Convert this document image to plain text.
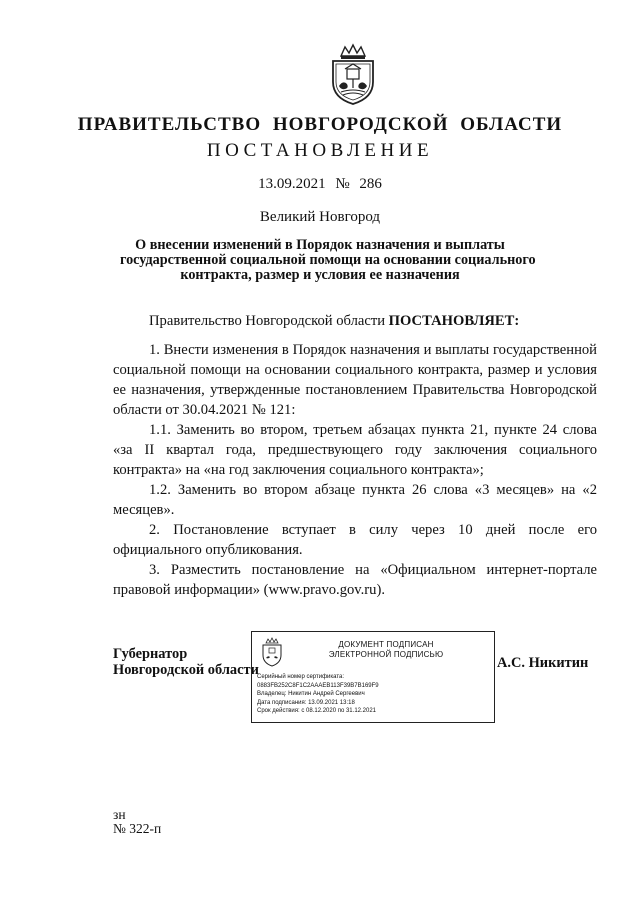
ПРАВИТЕЛЬСТВО НОВГОРОДСКОЙ ОБЛАСТИ
ПОСТАНОВЛЕНИЕ
13.09.2021 № 286
Великий Новгород
О внесении изменений в Порядок назначения и выплаты
государственной социальной помощи на основании социального
контракта, размер и условия ее назначения
Правительство Новгородской области ПОСТАНОВЛЯЕТ:
1. Внести изменения в Порядок назначения и выплаты государственной социальной помощи на основании социального контракта, размер и условия ее назначения, утвержденные постановлением Правительства Новгородской области от 30.04.2021 № 121:
1.1. Заменить во втором, третьем абзацах пункта 21, пункте 24 слова «за II квартал года, предшествующего году заключения социального контракта» на «на год заключения социального контракта»;
1.2. Заменить во втором абзаце пункта 26 слова «3 месяцев» на «2 месяцев».
2. Постановление вступает в силу через 10 дней после его официального опубликования.
3. Разместить постановление на «Официальном интернет-портале правовой информации» (www.pravo.gov.ru).
Губернатор
Новгородской области
ДОКУМЕНТ ПОДПИСАН
ЭЛЕКТРОННОЙ ПОДПИСЬЮ
Серийный номер сертификата:
0883FB252C8F1C2AAAEB113F39B7B169F9
Владелец: Никитин Андрей Сергеевич
Дата подписания: 13.09.2021 13:18
Срок действия: с 08.12.2020 по 31.12.2021
А.С. Никитин
зн
№ 322-п
